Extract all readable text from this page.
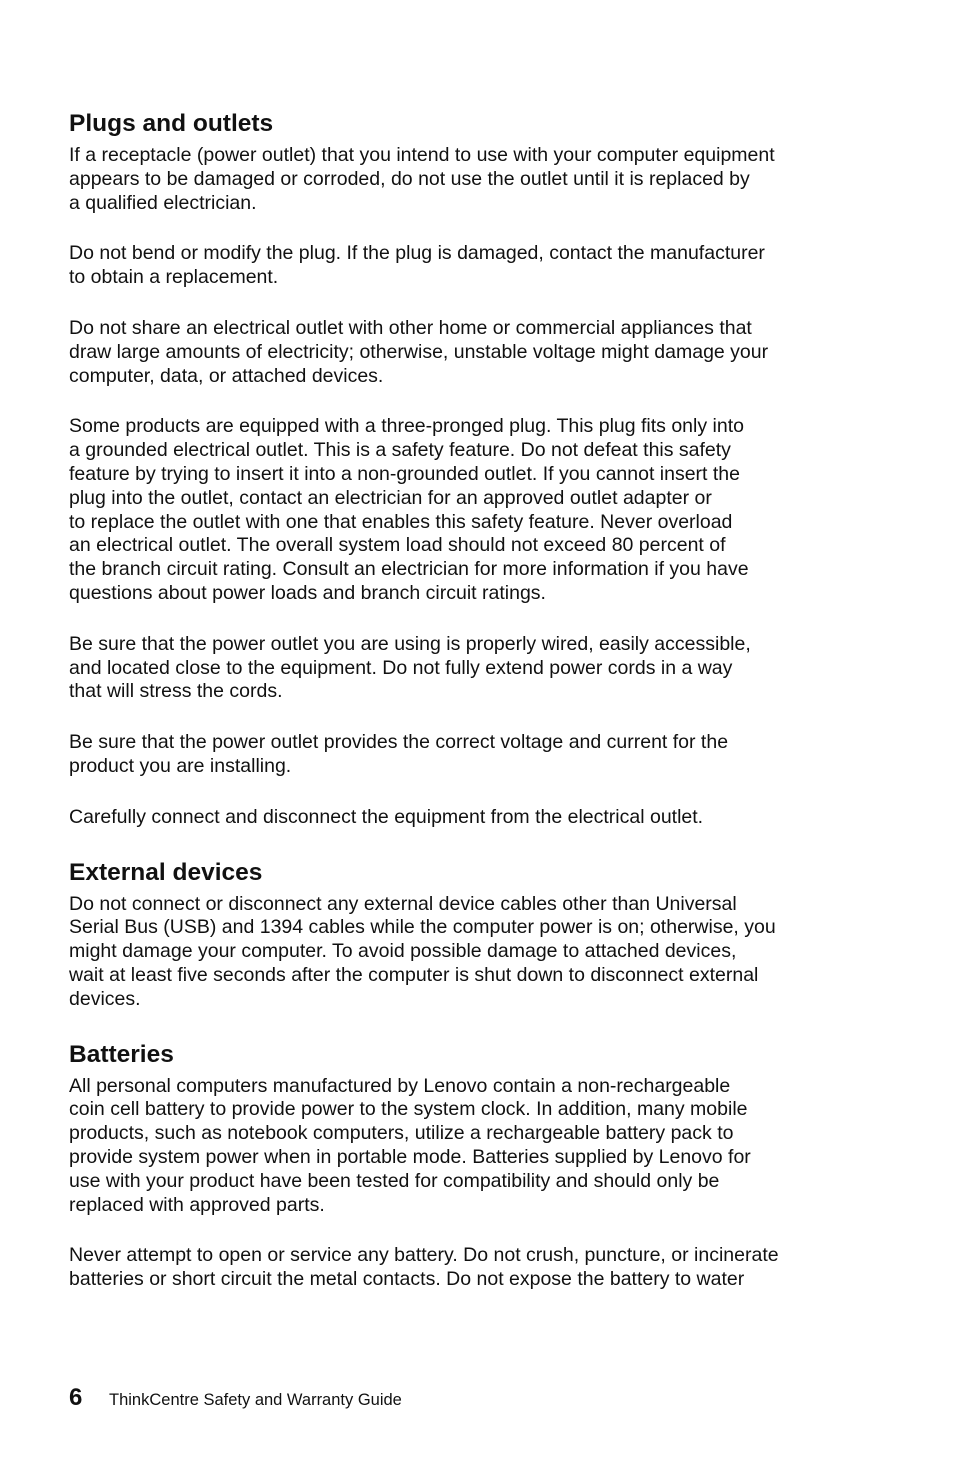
Plugs and outlets

If a receptacle (power outlet) that you intend to use with your computer equipment
appears to be damaged or corroded, do not use the outlet until it is replaced by
a qualified electrician.

Do not bend or modify the plug. If the plug is damaged, contact the manufacturer
to obtain a replacement.

Do not share an electrical outlet with other home or commercial appliances that
draw large amounts of electricity; otherwise, unstable voltage might damage your
computer, data, or attached devices.

Some products are equipped with a three-pronged plug. This plug fits only into
a grounded electrical outlet. This is a safety feature. Do not defeat this safety
feature by trying to insert it into a non-grounded outlet. If you cannot insert the
plug into the outlet, contact an electrician for an approved outlet adapter or
to replace the outlet with one that enables this safety feature. Never overload
an electrical outlet. The overall system load should not exceed 80 percent of
the branch circuit rating. Consult an electrician for more information if you have
questions about power loads and branch circuit ratings.

Be sure that the power outlet you are using is properly wired, easily accessible,
and located close to the equipment. Do not fully extend power cords in a way
that will stress the cords.

Be sure that the power outlet provides the correct voltage and current for the
product you are installing.

Carefully connect and disconnect the equipment from the electrical outlet.

External devices

Do not connect or disconnect any external device cables other than Universal
Serial Bus (USB) and 1394 cables while the computer power is on; otherwise, you
might damage your computer. To avoid possible damage to attached devices,
wait at least five seconds after the computer is shut down to disconnect external
devices.

Batteries

All personal computers manufactured by Lenovo contain a non-rechargeable
coin cell battery to provide power to the system clock. In addition, many mobile
products, such as notebook computers, utilize a rechargeable battery pack to
provide system power when in portable mode. Batteries supplied by Lenovo for
use with your product have been tested for compatibility and should only be
replaced with approved parts.

Never attempt to open or service any battery. Do not crush, puncture, or incinerate
batteries or short circuit the metal contacts. Do not expose the battery to water

6	ThinkCentre Safety and Warranty Guide
